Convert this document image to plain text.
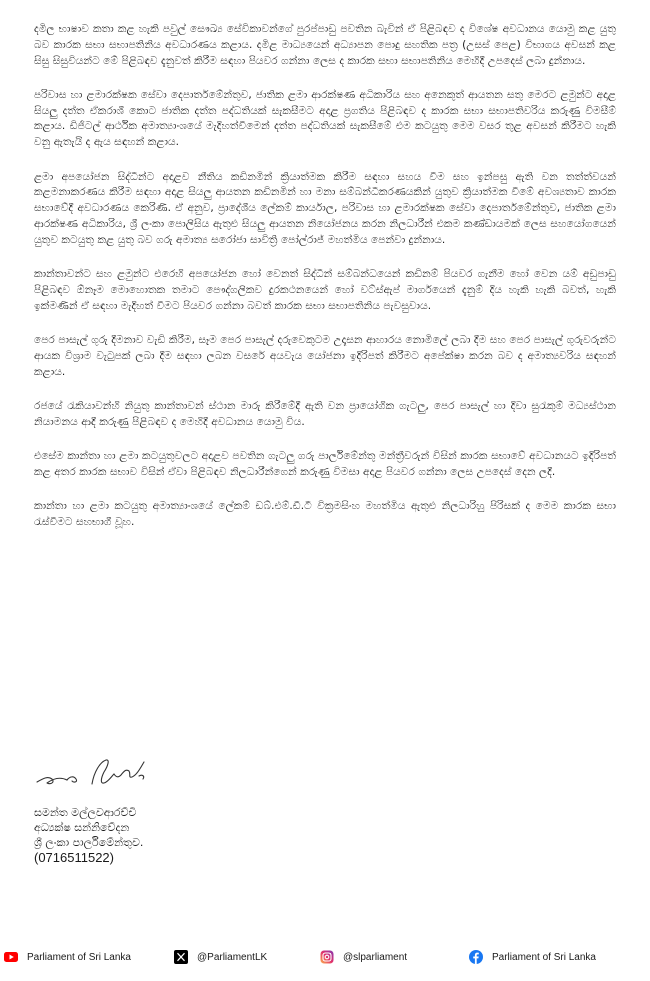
දමිල භාෂාව කතා කළ හැකි පවුල් සෞඛ්‍ය සේවිකාවන්ගේ පුරප්පාඩු පවතින බැවින් ඒ පිළිබඳව ද විශේෂ අවධානය යොමු කළ යුතු බව කාරක සභා සභාපතිනිය අවධාරණය කළාය. දමිළ මාධ්‍යයෙන් අධ්‍යාපන පොදු සහතික පත්‍ර (උසස් පෙළ) විභාගය අවසන් කළ සිසු සිසුවියන්ට මේ පිළිබඳව දැනුවත් කිරීම සඳහා පියවර ගන්නා ලෙස ද කාරක සභා සභාපතිනිය මෙහිදී උපදෙස් ලබා දුන්නාය.

පරිවාස හා ළමාරක්ෂක සේවා දෙපාර්තමේන්තුව, ජාතික ළමා ආරක්ෂණ අධිකාරිය සහ අනෙකුත් ආයතන සතු මෙරට ළමුන්ට අදාළ සියලු දත්ත ඒකරාශී කොට ජාතික දත්ත පද්ධතියක් සැකසීමට අදාළ ප්‍රගතිය පිළිබඳව ද කාරක සභා සභාපතිවරිය කරුණු විමසීම් කළාය. ඩිජිටල් ආර්ථික අමාත්‍යාංශයේ මැදිහත්වීමෙන් දත්ත පද්ධතියක් සැකසීමේ එම කටයුතු මෙම වසර තුළ අවසන් කිරීමට හැකි වනු ඇතැයි ද ඇය සඳහන් කළාය.

ළමා අපයෝජන සිද්ධීන්ට අදාළව නීතිය කඩිනමින් ක්‍රියාත්මක කිරීම සඳහා සහය වීම සහ ඉන්පසු ඇති වන තත්ත්වයන් කළමනාකරණය කිරීම සඳහා අදාළ සියලු ආයතන කඩිනමින් හා මනා සම්බන්ධීකරණයකින් යුතුව ක්‍රියාත්මක වීමේ අවශ්‍යතාව කාරක සභාවේදී අවධාරණය කෙරිණි. ඒ අනුව, ප්‍රාදේශීය ලේකම් කාර්යාල, පරිවාස හා ළමාරක්ෂක සේවා දෙපාර්තමේන්තුව, ජාතික ළමා ආරක්ෂණ අධිකාරිය, ශ්‍රී ලංකා පොලිසිය ඇතුළු සියලු ආයතන නියෝජනය කරන නිලධාරීන් එකම කණ්ඩායමක් ලෙස සහයෝගයෙන් යුතුව කටයුතු කළ යුතු බව ගරු අමාත්‍ය සරෝජා සාවිත්‍රි පෝල්රාජ් මහත්මිය පෙන්වා දුන්නාය.

කාන්තාවන්ට සහ ළමුන්ට එරෙහි අපයෝජන හෝ වෙනත් සිද්ධීන් සම්බන්ධයෙන් කඩිනම් පියවර ගැනීම හෝ වෙන යම් අඩුපාඩු පිළිබඳව ඕනෑම මොහොතක තමාට පෞද්ගලිකව දුරකථනයෙන් හෝ වට්ස්ඇප් මාර්ගයෙන් දැනුම් දිය හැකි හැකි බවත්, හැකි ඉක්මණින් ඒ සඳහා මැදිහත් වීමට පියවර ගන්නා බවත් කාරක සභා සභාපතිනිය පැවසුවාය.

පෙර පාසැල් ගුරු දීමනාව වැඩි කිරීම, සෑම පෙර පාසැල් දරුවෙකුටම උදෑසන ආහාරය නොමිලේ ලබා දීම සහ පෙර පාසැල් ගුරුවරුන්ට ආයක විශ්‍රාම වැටුපක් ලබා දීම සඳහා ලබන වසරේ අයවැය යෝජනා ඉදිරිපත් කිරීමට අපේක්ෂා කරන බව ද අමාත්‍යවරිය සඳහන් කළාය.

රජයේ රැකියාවන්හි නියුතු කාන්තාවන් ස්ථාන මාරු කිරීමේදී ඇති වන ප්‍රායෝගික ගැටලු, පෙර පාසැල් හා දිවා සුරැකුම් මධ්‍යස්ථාන නියාමනය ආදී කරුණු පිළිබඳව ද මෙහිදී අවධානය යොමු විය.

එසේම කාන්තා හා ළමා කටයුතුවලට අදාළව පවතින ගැටලු ගරු පාර්ලිමේන්තු මන්ත්‍රීවරුන් විසින් කාරක සභාවේ අවධානයට ඉදිරිපත් කළ අතර කාරක සභාව විසින් ඒවා පිළිබඳව නිලධාරීන්ගෙන් කරුණු විමසා අදාළ පියවර ගන්නා ලෙස උපදෙස් දෙන ලදී.

කාන්තා හා ළමා කටයුතු අමාත්‍යාංශයේ ලේකම් ඩබ්.එම්.ඩී.ටී වික්‍රමසිංහ මහත්මිය ඇතුළු නිලධාරිහු පිරිසක් ද මෙම කාරක සභා රැස්වීමට සහභාගී වූහ.

සමන්ත මල්ලවආරච්චි
අධ්‍යක්ෂ සන්නිවේදන
ශ්‍රී ලංකා පාර්ලිමේන්තුව.
(0716511522)
Parliament of Sri Lanka	@ParliamentLK	@slparliament	Parliament of Sri Lanka
